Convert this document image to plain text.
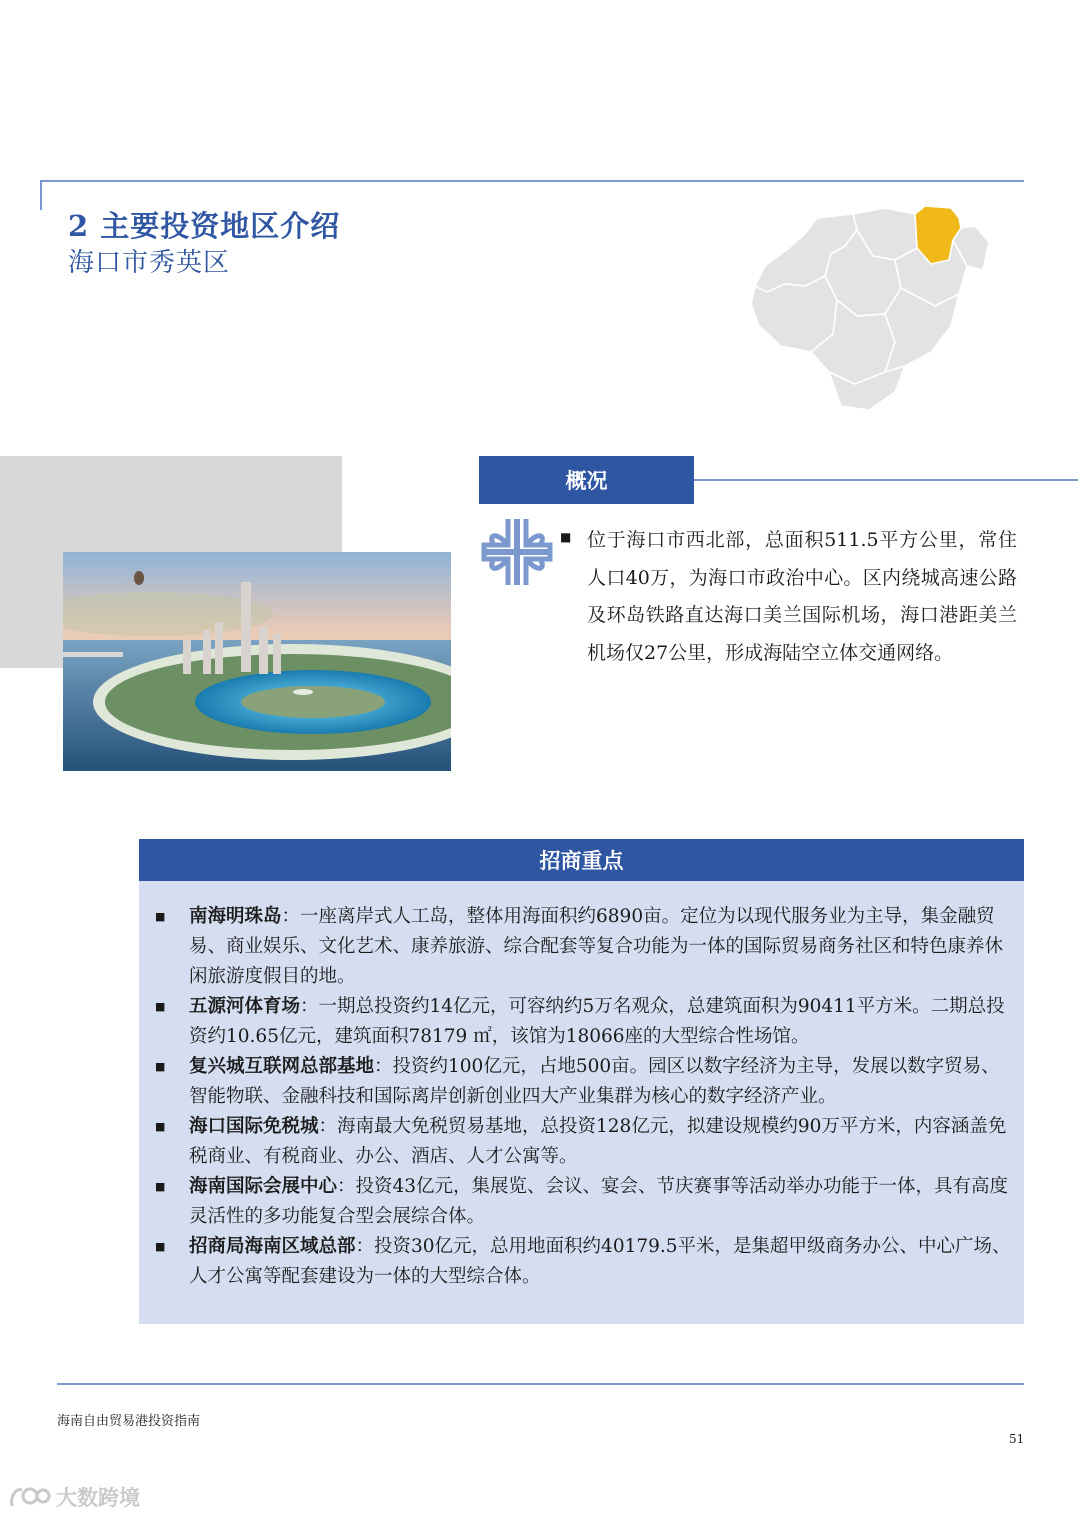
2 主要投资地区介绍
海口市秀英区
概况
■ 位于海口市西北部，总面积511.5平方公里，常住人口40万，为海口市政治中心。区内绕城高速公路及环岛铁路直达海口美兰国际机场，海口港距美兰机场仅27公里，形成海陆空立体交通网络。
招商重点
■ 南海明珠岛：一座离岸式人工岛，整体用海面积约6890亩。定位为以现代服务业为主导，集金融贸易、商业娱乐、文化艺术、康养旅游、综合配套等复合功能为一体的国际贸易商务社区和特色康养休闲旅游度假目的地。
■ 五源河体育场：一期总投资约14亿元，可容纳约5万名观众，总建筑面积为90411平方米。二期总投资约10.65亿元，建筑面积78179 ㎡，该馆为18066座的大型综合性场馆。
■ 复兴城互联网总部基地：投资约100亿元，占地500亩。园区以数字经济为主导，发展以数字贸易、智能物联、金融科技和国际离岸创新创业四大产业集群为核心的数字经济产业。
■ 海口国际免税城：海南最大免税贸易基地，总投资128亿元，拟建设规模约90万平方米，内容涵盖免税商业、有税商业、办公、酒店、人才公寓等。
■ 海南国际会展中心：投资43亿元，集展览、会议、宴会、节庆赛事等活动举办功能于一体，具有高度灵活性的多功能复合型会展综合体。
■ 招商局海南区域总部：投资30亿元，总用地面积约40179.5平米，是集超甲级商务办公、中心广场、人才公寓等配套建设为一体的大型综合体。
海南自由贸易港投资指南
51
大数跨境
